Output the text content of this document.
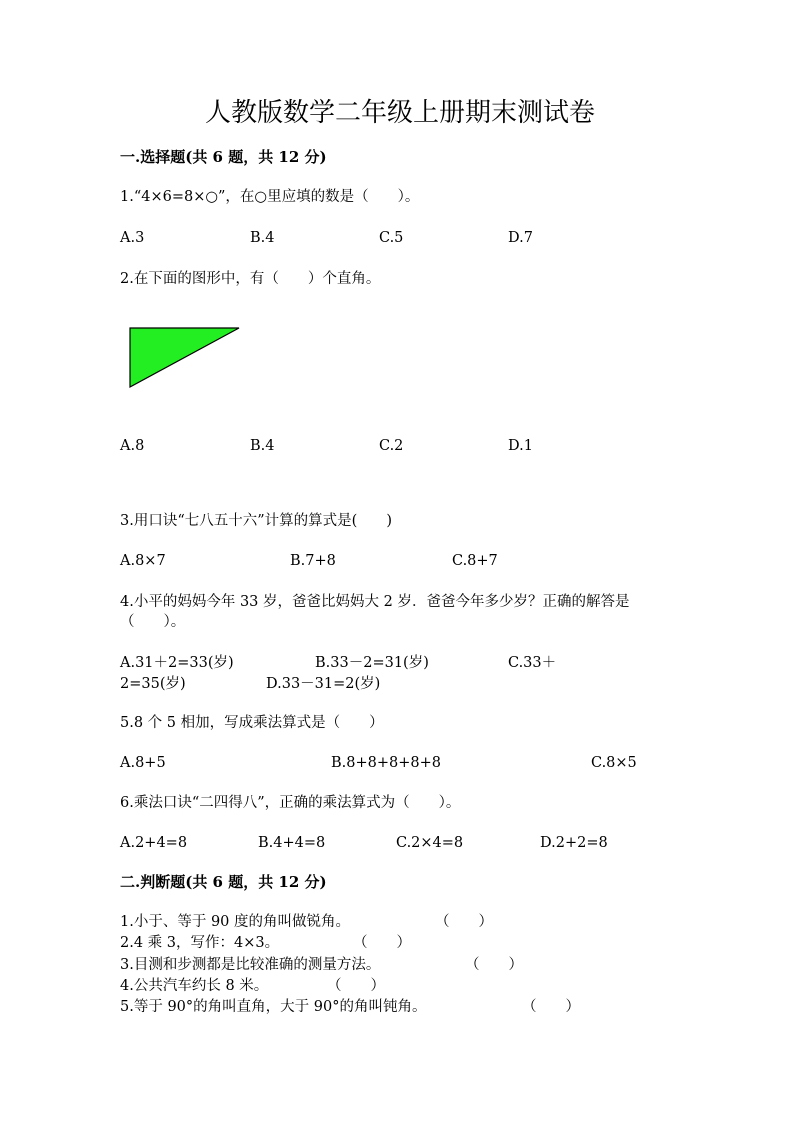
人教版数学二年级上册期末测试卷
一.选择题(共 6 题，共 12 分)
1.“4×6=8×○”，在○里应填的数是（　　）。
A.3	B.4	C.5	D.7
2.在下面的图形中，有（　　）个直角。
A.8	B.4	C.2	D.1
3.用口诀“七八五十六”计算的算式是(　　)
A.8×7	B.7+8	C.8+7
4.小平的妈妈今年 33 岁，爸爸比妈妈大 2 岁．爸爸今年多少岁？正确的解答是
（　　）。
A.31＋2=33(岁)	B.33－2=31(岁)	C.33＋
2=35(岁)	D.33－31=2(岁)
5.8 个 5 相加，写成乘法算式是（　　）
A.8+5	B.8+8+8+8+8	C.8×5
6.乘法口诀“二四得八”，正确的乘法算式为（　　）。
A.2+4=8	B.4+4=8	C.2×4=8	D.2+2=8
二.判断题(共 6 题，共 12 分)
1.小于、等于 90 度的角叫做锐角。	（　　）
2.4 乘 3，写作：4×3。	（　　）
3.目测和步测都是比较准确的测量方法。	（　　）
4.公共汽车约长 8 米。	（　　）
5.等于 90°的角叫直角，大于 90°的角叫钝角。	（　　）
